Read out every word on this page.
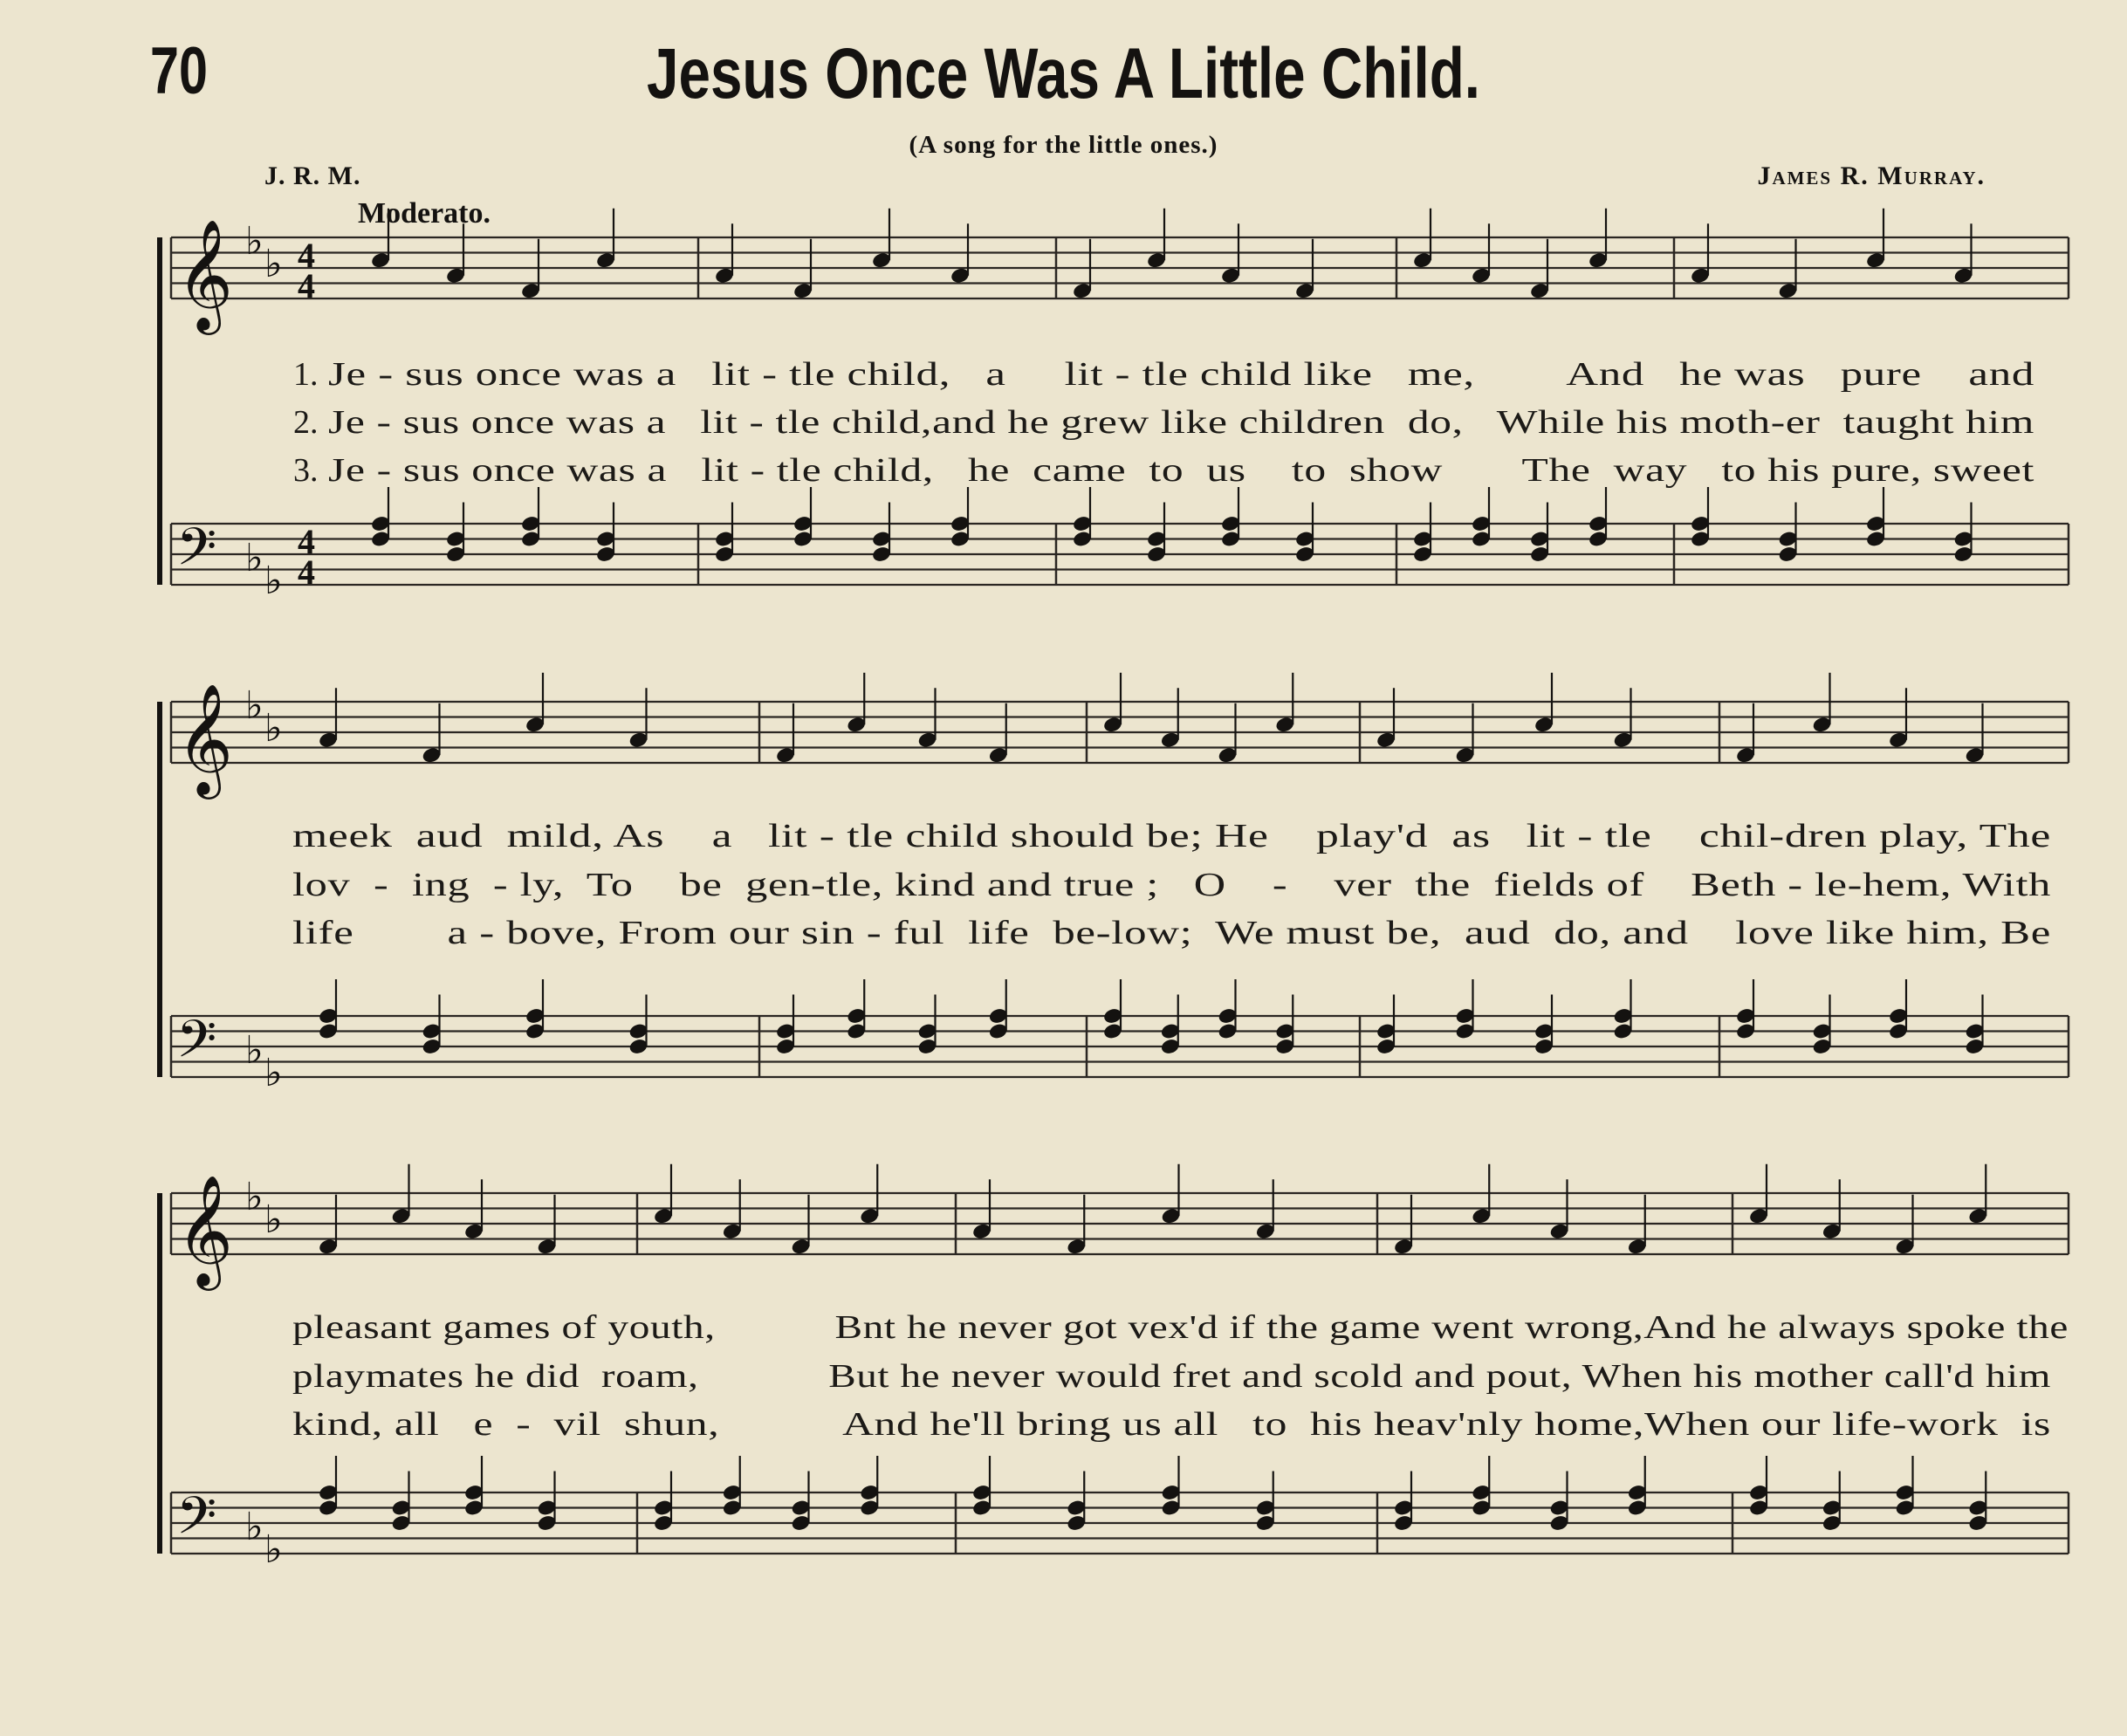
70	Jesus Once Was A Little Child.
(A song for the little ones.)
J. R. M.	James R. Murray.
Moderato.
𝄞 ♭
♭ 4
4
𝄢 ♭
♭
4
4
1. Je - sus once was a   lit - tle child,   a     lit - tle child like   me,        And   he was   pure    and
2. Je - sus once was a   lit - tle child,and he grew like children  do,   While his moth-er  taught him
3. Je - sus once was a   lit - tle child,   he  came  to  us    to  show       The  way   to his pure, sweet
𝄞 ♭
♭
𝄢 ♭
♭
meek  aud  mild, As    a   lit - tle child should be; He    play'd  as   lit - tle    chil-dren play, The
lov  -  ing  - ly,  To    be  gen-tle, kind and true ;   O    -    ver  the  fields of    Beth - le-hem, With
life        a - bove, From our sin - ful  life  be-low;  We must be,  aud  do, and    love like him, Be
𝄞 ♭
♭
𝄢 ♭
♭
pleasant games of youth,           Bnt he never got vex'd if the game went wrong,And he always spoke the
playmates he did  roam,            But he never would fret and scold and pout, When his mother call'd him
kind, all   e  -  vil  shun,           And he'll bring us all   to  his heav'nly home,When our life-work  is
